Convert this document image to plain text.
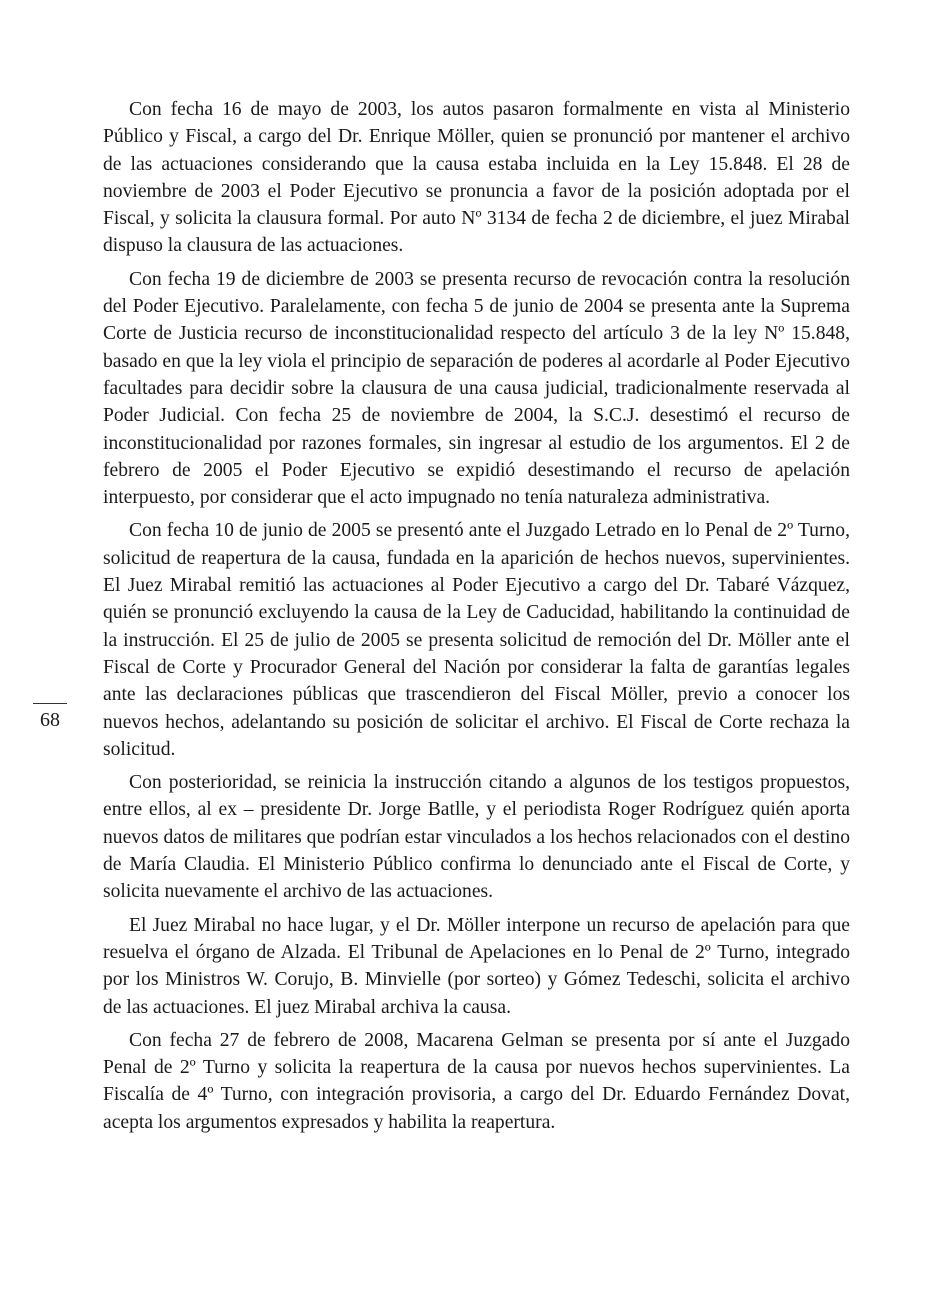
Con fecha 16 de mayo de 2003, los autos pasaron formalmente en vista al Ministerio Público y Fiscal, a cargo del Dr. Enrique Möller, quien se pronunció por mantener el archivo de las actuaciones considerando que la causa estaba incluida en la Ley 15.848. El 28 de noviembre de 2003 el Poder Ejecutivo se pronuncia a favor de la posición adoptada por el Fiscal, y solicita la clausura formal. Por auto Nº 3134 de fecha 2 de diciembre, el juez Mirabal dispuso la clausura de las actuaciones.

Con fecha 19 de diciembre de 2003 se presenta recurso de revocación contra la resolución del Poder Ejecutivo. Paralelamente, con fecha 5 de junio de 2004 se presenta ante la Suprema Corte de Justicia recurso de inconstitucionalidad respecto del artículo 3 de la ley Nº 15.848, basado en que la ley viola el principio de separación de poderes al acordarle al Poder Ejecutivo facultades para decidir sobre la clausura de una causa judicial, tradicionalmente reservada al Poder Judicial. Con fecha 25 de noviembre de 2004, la S.C.J. desestimó el recurso de inconstitucionalidad por razones formales, sin ingresar al estudio de los argumentos. El 2 de febrero de 2005 el Poder Ejecutivo se expidió desestimando el recurso de apelación interpuesto, por considerar que el acto impugnado no tenía naturaleza administrativa.

Con fecha 10 de junio de 2005 se presentó ante el Juzgado Letrado en lo Penal de 2º Turno, solicitud de reapertura de la causa, fundada en la aparición de hechos nuevos, supervinientes. El Juez Mirabal remitió las actuaciones al Poder Ejecutivo a cargo del Dr. Tabaré Vázquez, quién se pronunció excluyendo la causa de la Ley de Caducidad, habilitando la continuidad de la instrucción. El 25 de julio de 2005 se presenta solicitud de remoción del Dr. Möller ante el Fiscal de Corte y Procurador General del Nación por considerar la falta de garantías legales ante las declaraciones públicas que trascendieron del Fiscal Möller, previo a conocer los nuevos hechos, adelantando su posición de solicitar el archivo. El Fiscal de Corte rechaza la solicitud.

Con posterioridad, se reinicia la instrucción citando a algunos de los testigos propuestos, entre ellos, al ex – presidente Dr. Jorge Batlle, y el periodista Roger Rodríguez quién aporta nuevos datos de militares que podrían estar vinculados a los hechos relacionados con el destino de María Claudia. El Ministerio Público confirma lo denunciado ante el Fiscal de Corte, y solicita nuevamente el archivo de las actuaciones.

El Juez Mirabal no hace lugar, y el Dr. Möller interpone un recurso de apelación para que resuelva el órgano de Alzada. El Tribunal de Apelaciones en lo Penal de 2º Turno, integrado por los Ministros W. Corujo, B. Minvielle (por sorteo) y Gómez Tedeschi, solicita el archivo de las actuaciones. El juez Mirabal archiva la causa.

Con fecha 27 de febrero de 2008, Macarena Gelman se presenta por sí ante el Juzgado Penal de 2º Turno y solicita la reapertura de la causa por nuevos hechos supervinientes. La Fiscalía de 4º Turno, con integración provisoria, a cargo del Dr. Eduardo Fernández Dovat, acepta los argumentos expresados y habilita la reapertura.

68
